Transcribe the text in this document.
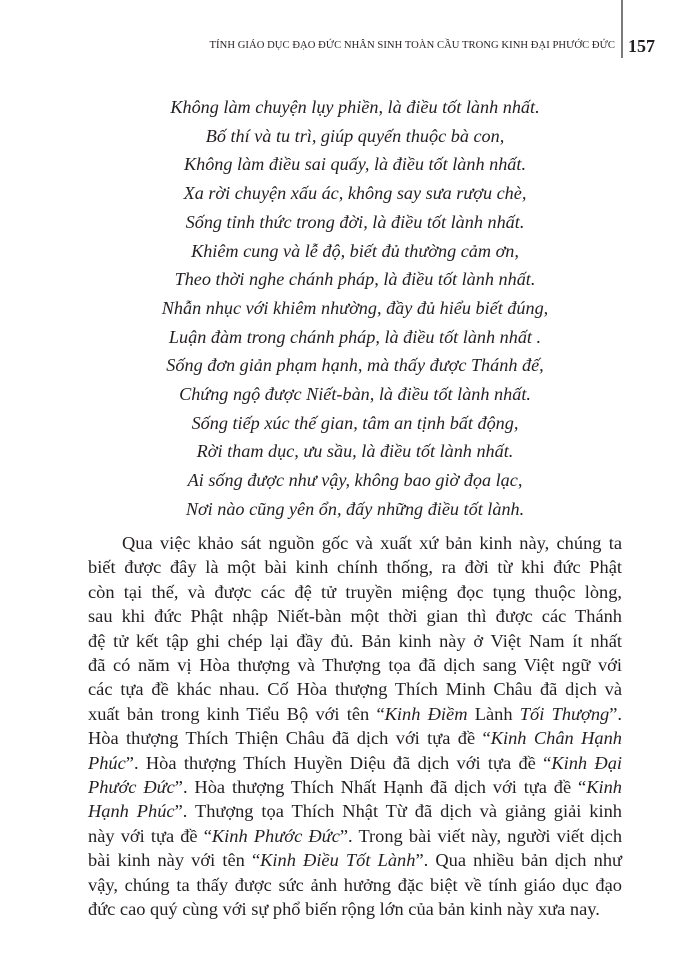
TÍNH GIÁO DỤC ĐẠO ĐỨC NHÂN SINH TOÀN CẦU TRONG KINH ĐẠI PHƯỚC ĐỨC 157
Không làm chuyện lụy phiền, là điều tốt lành nhất.
Bố thí và tu trì, giúp quyến thuộc bà con,
Không làm điều sai quấy, là điều tốt lành nhất.
Xa rời chuyện xấu ác, không say sưa rượu chè,
Sống tỉnh thức trong đời, là điều tốt lành nhất.
Khiêm cung và lễ độ, biết đủ thường cảm ơn,
Theo thời nghe chánh pháp, là điều tốt lành nhất.
Nhẫn nhục với khiêm nhường, đầy đủ hiểu biết đúng,
Luận đàm trong chánh pháp, là điều tốt lành nhất .
Sống đơn giản phạm hạnh, mà thấy được Thánh đế,
Chứng ngộ được Niết-bàn, là điều tốt lành nhất.
Sống tiếp xúc thế gian, tâm an tịnh bất động,
Rời tham dục, ưu sầu, là điều tốt lành nhất.
Ai sống được như vậy, không bao giờ đọa lạc,
Nơi nào cũng yên ổn, đấy những điều tốt lành.
Qua việc khảo sát nguồn gốc và xuất xứ bản kinh này, chúng ta
biết được đây là một bài kinh chính thống, ra đời từ khi đức Phật
còn tại thế, và được các đệ tử truyền miệng đọc tụng thuộc lòng,
sau khi đức Phật nhập Niết-bàn một thời gian thì được các Thánh
đệ tử kết tập ghi chép lại đầy đủ. Bản kinh này ở Việt Nam ít nhất
đã có năm vị Hòa thượng và Thượng tọa đã dịch sang Việt ngữ với
các tựa đề khác nhau. Cố Hòa thượng Thích Minh Châu đã dịch và
xuất bản trong kinh Tiểu Bộ với tên “Kinh Điềm Lành Tối Thượng”.
Hòa thượng Thích Thiện Châu đã dịch với tựa đề “Kinh Chân Hạnh
Phúc”. Hòa thượng Thích Huyền Diệu đã dịch với tựa đề “Kinh Đại
Phước Đức”. Hòa thượng Thích Nhất Hạnh đã dịch với tựa đề “Kinh
Hạnh Phúc”. Thượng tọa Thích Nhật Từ đã dịch và giảng giải kinh
này với tựa đề “Kinh Phước Đức”. Trong bài viết này, người viết dịch
bài kinh này với tên “Kinh Điều Tốt Lành”. Qua nhiều bản dịch như
vậy, chúng ta thấy được sức ảnh hưởng đặc biệt về tính giáo dục đạo
đức cao quý cùng với sự phổ biến rộng lớn của bản kinh này xưa nay.
